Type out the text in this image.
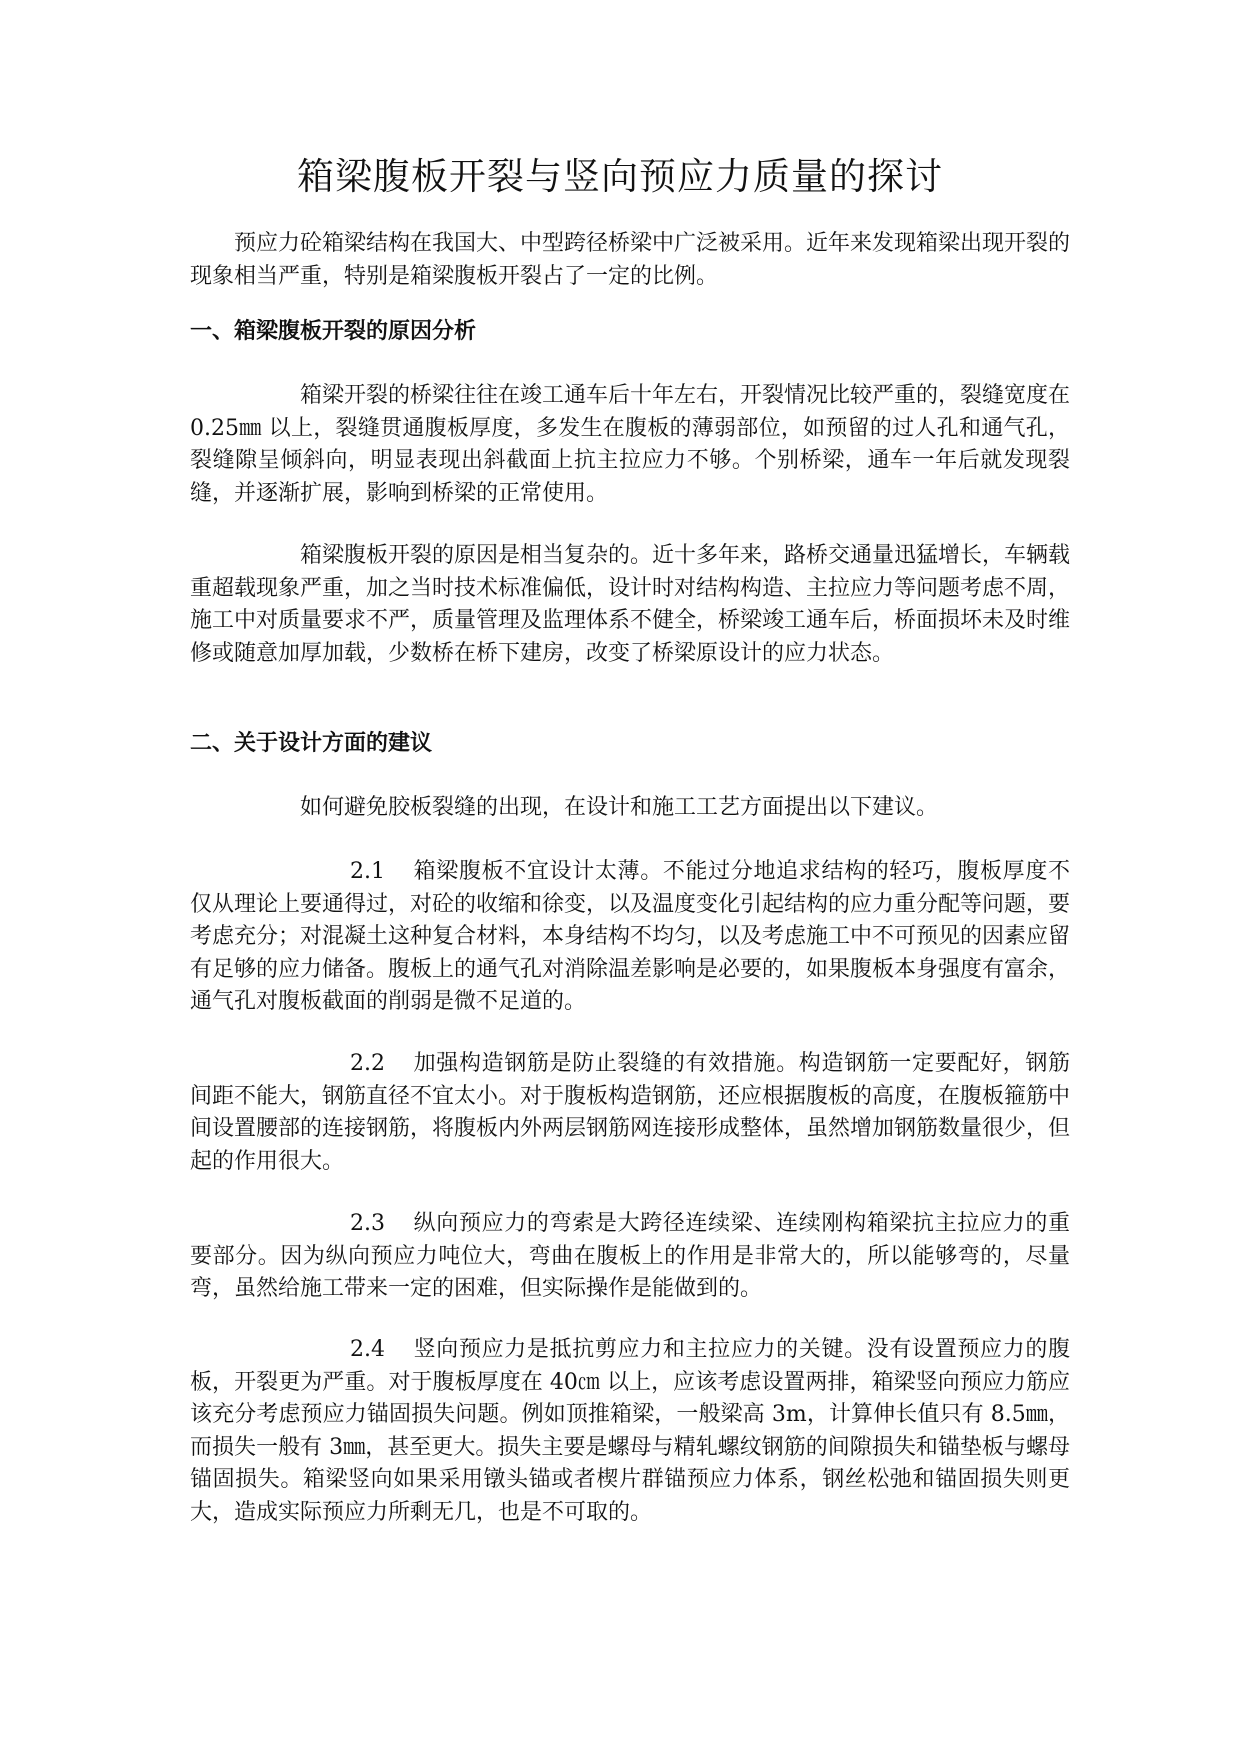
箱梁腹板开裂与竖向预应力质量的探讨

预应力砼箱梁结构在我国大、中型跨径桥梁中广泛被采用。近年来发现箱梁出现开裂的现象相当严重，特别是箱梁腹板开裂占了一定的比例。

一、箱梁腹板开裂的原因分析

箱梁开裂的桥梁往往在竣工通车后十年左右，开裂情况比较严重的，裂缝宽度在 0.25㎜ 以上，裂缝贯通腹板厚度，多发生在腹板的薄弱部位，如预留的过人孔和通气孔，裂缝隙呈倾斜向，明显表现出斜截面上抗主拉应力不够。个别桥梁，通车一年后就发现裂缝，并逐渐扩展，影响到桥梁的正常使用。

箱梁腹板开裂的原因是相当复杂的。近十多年来，路桥交通量迅猛增长，车辆载重超载现象严重，加之当时技术标准偏低，设计时对结构构造、主拉应力等问题考虑不周，施工中对质量要求不严，质量管理及监理体系不健全，桥梁竣工通车后，桥面损坏未及时维修或随意加厚加载，少数桥在桥下建房，改变了桥梁原设计的应力状态。

二、关于设计方面的建议

如何避免胶板裂缝的出现，在设计和施工工艺方面提出以下建议。

2.1 箱梁腹板不宜设计太薄。不能过分地追求结构的轻巧，腹板厚度不仅从理论上要通得过，对砼的收缩和徐变，以及温度变化引起结构的应力重分配等问题，要考虑充分；对混凝土这种复合材料，本身结构不均匀，以及考虑施工中不可预见的因素应留有足够的应力储备。腹板上的通气孔对消除温差影响是必要的，如果腹板本身强度有富余，通气孔对腹板截面的削弱是微不足道的。

2.2 加强构造钢筋是防止裂缝的有效措施。构造钢筋一定要配好，钢筋间距不能大，钢筋直径不宜太小。对于腹板构造钢筋，还应根据腹板的高度，在腹板箍筋中间设置腰部的连接钢筋，将腹板内外两层钢筋网连接形成整体，虽然增加钢筋数量很少，但起的作用很大。

2.3 纵向预应力的弯索是大跨径连续梁、连续刚构箱梁抗主拉应力的重要部分。因为纵向预应力吨位大，弯曲在腹板上的作用是非常大的，所以能够弯的，尽量弯，虽然给施工带来一定的困难，但实际操作是能做到的。

2.4 竖向预应力是抵抗剪应力和主拉应力的关键。没有设置预应力的腹板，开裂更为严重。对于腹板厚度在 40㎝ 以上，应该考虑设置两排，箱梁竖向预应力筋应该充分考虑预应力锚固损失问题。例如顶推箱梁，一般梁高 3m，计算伸长值只有 8.5㎜，而损失一般有 3㎜，甚至更大。损失主要是螺母与精轧螺纹钢筋的间隙损失和锚垫板与螺母锚固损失。箱梁竖向如果采用镦头锚或者楔片群锚预应力体系，钢丝松弛和锚固损失则更大，造成实际预应力所剩无几，也是不可取的。
